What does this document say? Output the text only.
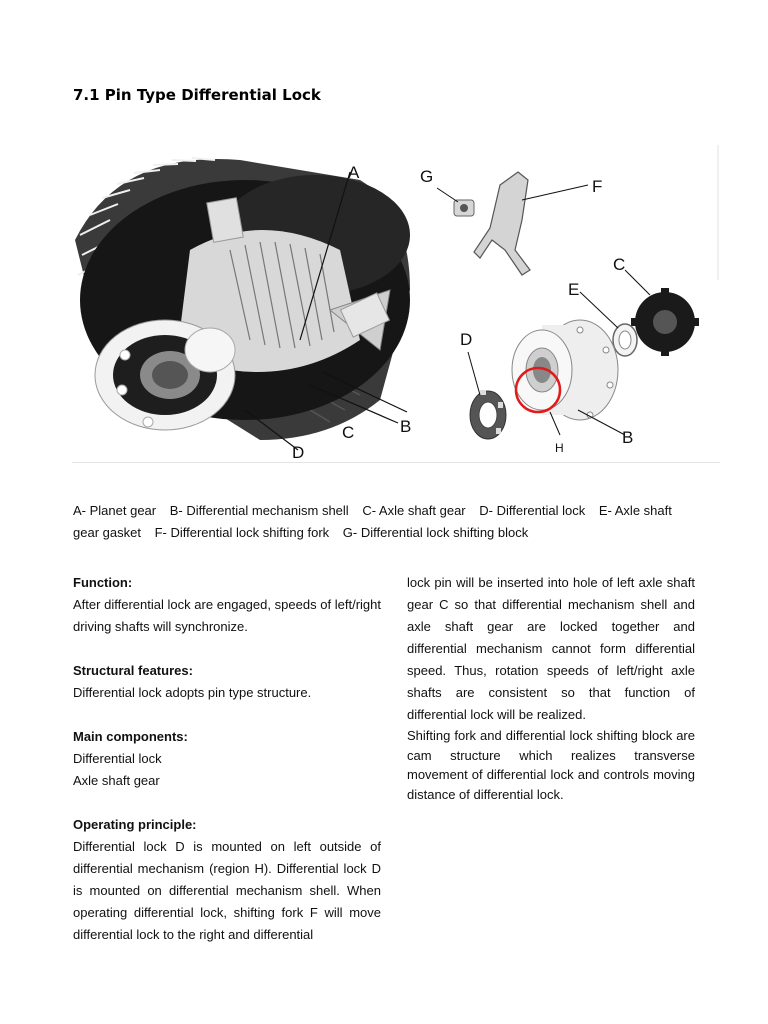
7.1 Pin Type Differential Lock
A
B
C
D
G
F
C
E
B
H
D
A- Planet gear B- Differential mechanism shell C- Axle shaft gear D- Differential lock E- Axle shaft gear gasket F- Differential lock shifting fork G- Differential lock shifting block

Function:

After differential lock are engaged, speeds of left/right driving shafts will synchronize.

Structural features:

Differential lock adopts pin type structure.

Main components:

Differential lock

Axle shaft gear

Operating principle:

Differential lock D is mounted on left outside of differential mechanism (region H). Differential lock D is mounted on differential mechanism shell. When operating differential lock, shifting fork F will move differential lock to the right and differential

lock pin will be inserted into hole of left axle shaft gear C so that differential mechanism shell and axle shaft gear are locked together and differential mechanism cannot form differential speed. Thus, rotation speeds of left/right axle shafts are consistent so that function of differential lock will be realized.

Shifting fork and differential lock shifting block are cam structure which realizes transverse movement of differential lock and controls moving distance of differential lock.
